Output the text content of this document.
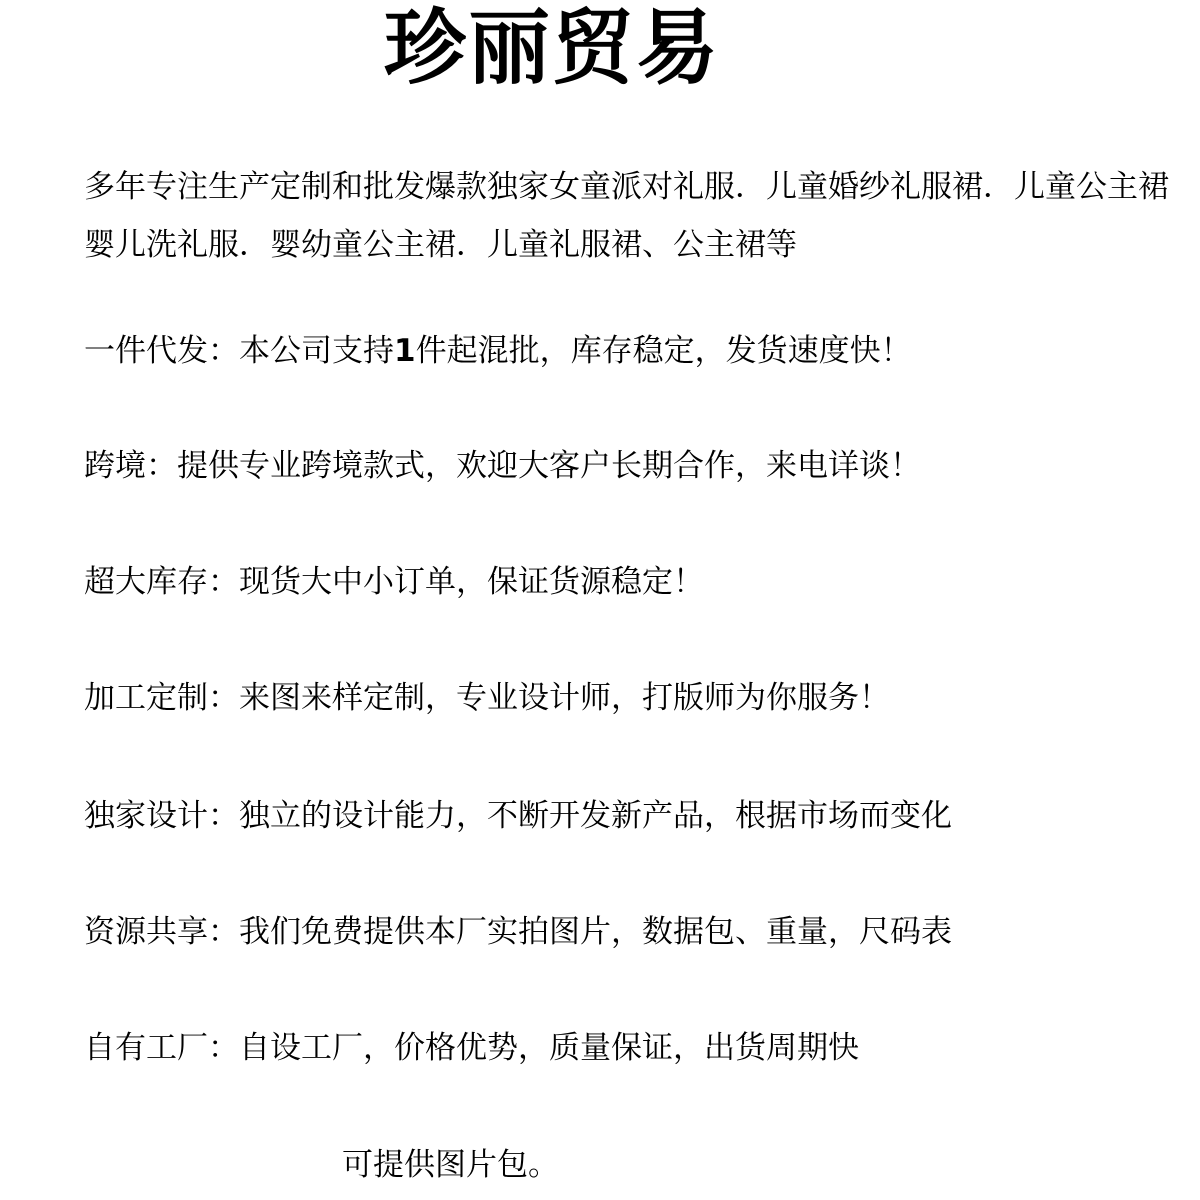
珍丽贸易
多年专注生产定制和批发爆款独家女童派对礼服．儿童婚纱礼服裙．儿童公主裙
婴儿洗礼服．婴幼童公主裙．儿童礼服裙、公主裙等
一件代发：本公司支持1件起混批，库存稳定，发货速度快！
跨境：提供专业跨境款式，欢迎大客户长期合作，来电详谈！
超大库存：现货大中小订单，保证货源稳定！
加工定制：来图来样定制，专业设计师，打版师为你服务！
独家设计：独立的设计能力，不断开发新产品，根据市场而变化
资源共享：我们免费提供本厂实拍图片，数据包、重量，尺码表
自有工厂：自设工厂，价格优势，质量保证，出货周期快
可提供图片包。
